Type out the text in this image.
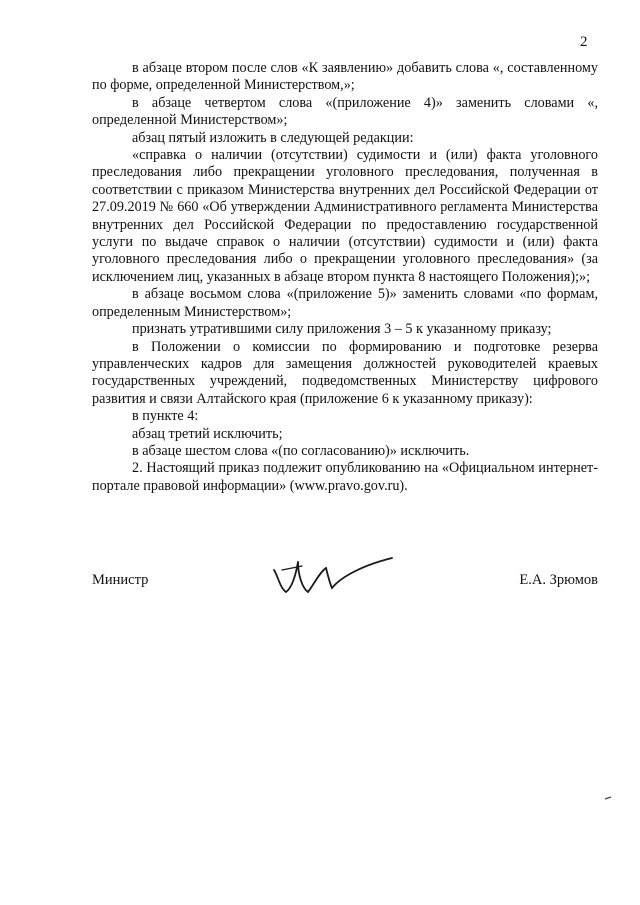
2

в абзаце втором после слов «К заявлению» добавить слова «, составленному по форме, определенной Министерством,»;

в абзаце четвертом слова «(приложение 4)» заменить словами «, определенной Министерством»;

абзац пятый изложить в следующей редакции:

«справка о наличии (отсутствии) судимости и (или) факта уголовного преследования либо прекращении уголовного преследования, полученная в соответствии с приказом Министерства внутренних дел Российской Федерации от 27.09.2019 № 660 «Об утверждении Административного регламента Министерства внутренних дел Российской Федерации по предоставлению государственной услуги по выдаче справок о наличии (отсутствии) судимости и (или) факта уголовного преследования либо о прекращении уголовного преследования» (за исключением лиц, указанных в абзаце втором пункта 8 настоящего Положения);»;

в абзаце восьмом слова «(приложение 5)» заменить словами «по формам, определенным Министерством»;

признать утратившими силу приложения 3 – 5 к указанному приказу;

в Положении о комиссии по формированию и подготовке резерва управленческих кадров для замещения должностей руководителей краевых государственных учреждений, подведомственных Министерству цифрового развития и связи Алтайского края (приложение 6 к указанному приказу):

в пункте 4:

абзац третий исключить;

в абзаце шестом слова «(по согласованию)» исключить.

2. Настоящий приказ подлежит опубликованию на «Официальном интернет-портале правовой информации» (www.pravo.gov.ru).

Министр	Е.А. Зрюмов
